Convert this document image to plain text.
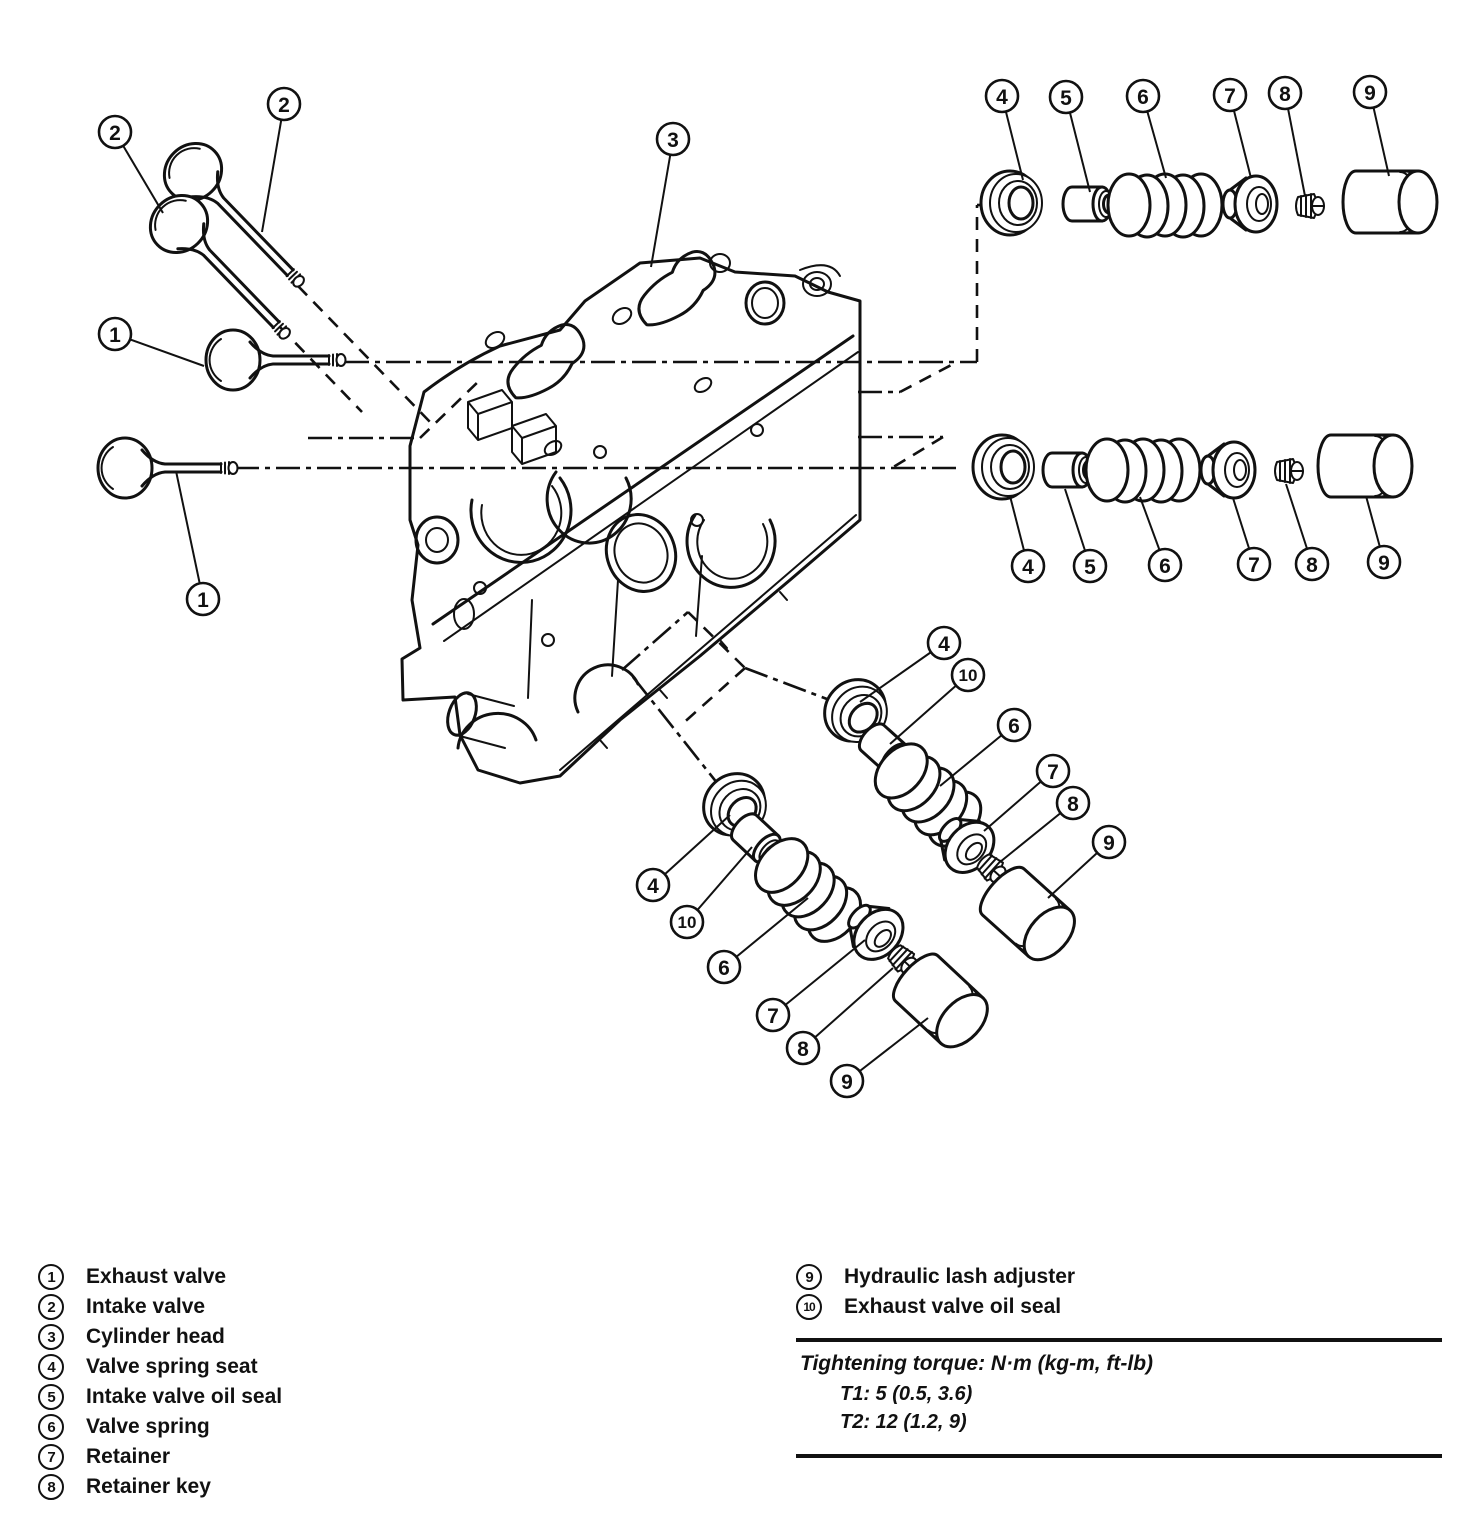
2
2
1
1
3
4 5	6	7 8	9
4 5	6	7 8	9
4
10
6
7
8
9
4
10
6
7
8
9
1	Exhaust valve
2	Intake valve
3	Cylinder head
4	Valve spring seat
5	Intake valve oil seal
6	Valve spring
7	Retainer
8	Retainer key
9	Hydraulic lash adjuster
10	Exhaust valve oil seal
Tightening torque: N·m (kg-m, ft-lb)
T1: 5 (0.5, 3.6)
T2: 12 (1.2, 9)
